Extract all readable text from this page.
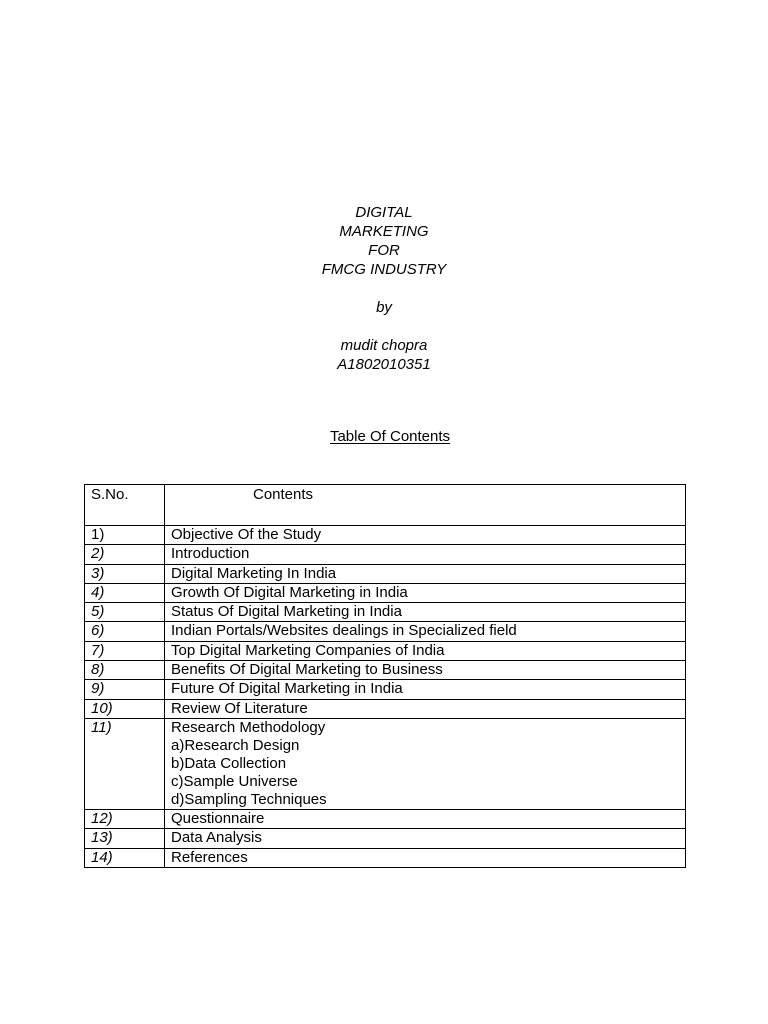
DIGITAL
MARKETING
FOR
FMCG INDUSTRY
by
mudit chopra
A1802010351
Table Of Contents
S.No.	Contents
1)	Objective Of the Study
2)	Introduction
3)	Digital Marketing In India
4)	Growth Of Digital Marketing in India
5)	Status Of Digital Marketing in India
6)	Indian Portals/Websites dealings in Specialized field
7)	Top Digital Marketing Companies of India
8)	Benefits Of Digital Marketing to Business
9)	Future Of Digital Marketing in India
10)	Review Of Literature
11)	Research Methodology
a)Research Design
b)Data Collection
c)Sample Universe
d)Sampling Techniques

12)	Questionnaire
13)	Data Analysis
14)	References
